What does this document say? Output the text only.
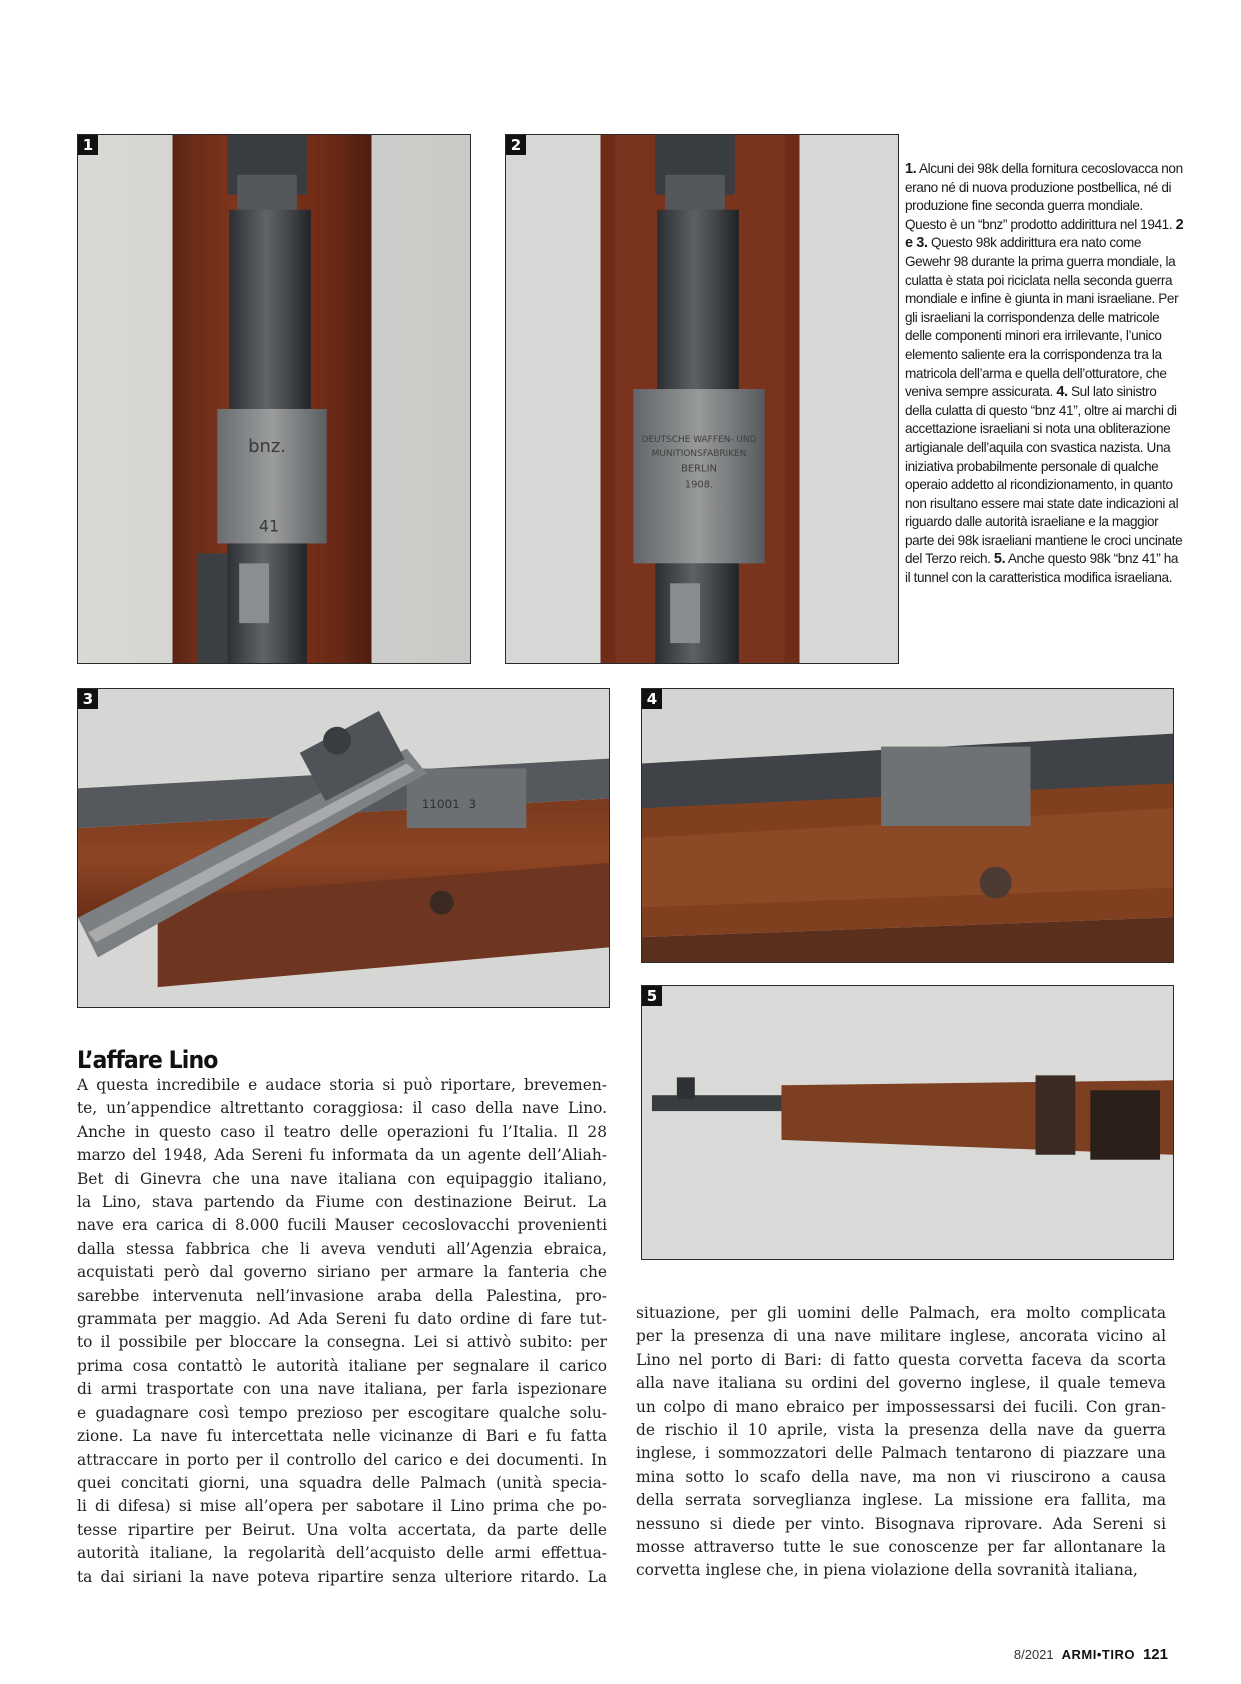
bnz.
41
1
DEUTSCHE WAFFEN- UND
MUNITIONSFABRIKEN
BERLIN
1908.
2
11001 3
3	4
5
1. Alcuni dei 98k della fornitura cecoslovacca non erano né di nuova produzione postbellica, né di produzione fine seconda guerra mondiale. Questo è un “bnz” prodotto addirittura nel 1941. 2 e 3. Questo 98k addirittura era nato come Gewehr 98 durante la prima guerra mondiale, la culatta è stata poi riciclata nella seconda guerra mondiale e infine è giunta in mani israeliane. Per gli israeliani la corrispondenza delle matricole delle componenti minori era irrilevante, l’unico elemento saliente era la corrispondenza tra la matricola dell’arma e quella dell’otturatore, che veniva sempre assicurata. 4. Sul lato sinistro della culatta di questo “bnz 41”, oltre ai marchi di accettazione israeliani si nota una obliterazione artigianale dell’aquila con svastica nazista. Una iniziativa probabilmente personale di qualche operaio addetto al ricondizionamento, in quanto non risultano essere mai state date indicazioni al riguardo dalle autorità israeliane e la maggior parte dei 98k israeliani mantiene le croci uncinate del Terzo reich. 5. Anche questo 98k “bnz 41” ha il tunnel con la caratteristica modifica israeliana.
L’affare Lino
A questa incredibile e audace storia si può riportare, brevemen-
te, un’appendice altrettanto coraggiosa: il caso della nave Lino.
Anche in questo caso il teatro delle operazioni fu l’Italia. Il 28
marzo del 1948, Ada Sereni fu informata da un agente dell’Aliah-
Bet di Ginevra che una nave italiana con equipaggio italiano,
la Lino, stava partendo da Fiume con destinazione Beirut. La
nave era carica di 8.000 fucili Mauser cecoslovacchi provenienti
dalla stessa fabbrica che li aveva venduti all’Agenzia ebraica,
acquistati però dal governo siriano per armare la fanteria che
sarebbe intervenuta nell’invasione araba della Palestina, pro-
grammata per maggio. Ad Ada Sereni fu dato ordine di fare tut-
to il possibile per bloccare la consegna. Lei si attivò subito: per
prima cosa contattò le autorità italiane per segnalare il carico
di armi trasportate con una nave italiana, per farla ispezionare
e guadagnare così tempo prezioso per escogitare qualche solu-
zione. La nave fu intercettata nelle vicinanze di Bari e fu fatta
attraccare in porto per il controllo del carico e dei documenti. In
quei concitati giorni, una squadra delle Palmach (unità speciа-
li di difesa) si mise all’opera per sabotare il Lino prima che po-
tesse ripartire per Beirut. Una volta accertata, da parte delle
autorità italiane, la regolarità dell’acquisto delle armi effettua-
ta dai siriani la nave poteva ripartire senza ulteriore ritardo. La
situazione, per gli uomini delle Palmach, era molto complicata
per la presenza di una nave militare inglese, ancorata vicino al
Lino nel porto di Bari: di fatto questa corvetta faceva da scorta
alla nave italiana su ordini del governo inglese, il quale temeva
un colpo di mano ebraico per impossessarsi dei fucili. Con gran-
de rischio il 10 aprile, vista la presenza della nave da guerra
inglese, i sommozzatori delle Palmach tentarono di piazzare una
mina sotto lo scafo della nave, ma non vi riuscirono a causa
della serrata sorveglianza inglese. La missione era fallita, ma
nessuno si diede per vinto. Bisognava riprovare. Ada Sereni si
mosse attraverso tutte le sue conoscenze per far allontanare la
corvetta inglese che, in piena violazione della sovranità italiana,
8/2021 ARMI•TIRO 121
